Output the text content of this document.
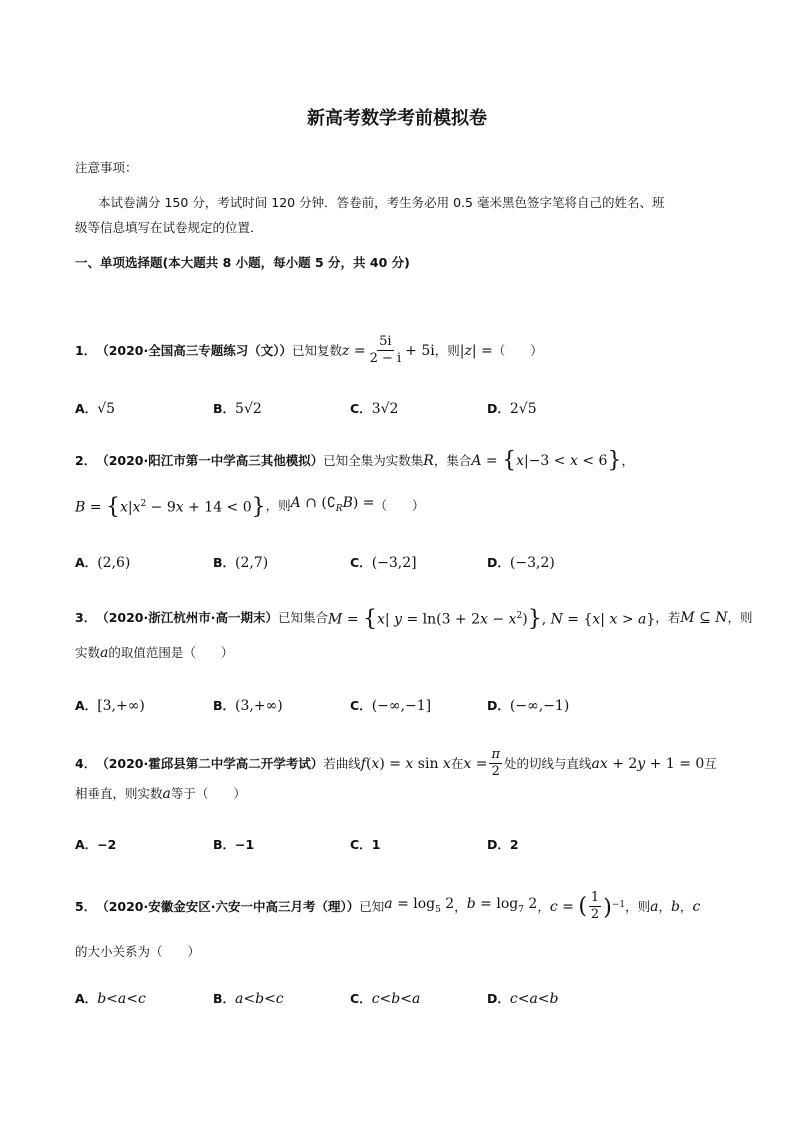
新高考数学考前模拟卷
注意事项：
本试卷满分 150 分，考试时间 120 分钟．答卷前，考生务必用 0.5 毫米黑色签字笔将自己的姓名、班
级等信息填写在试卷规定的位置．
一、单项选择题(本大题共 8 小题，每小题 5 分，共 40 分)
1． （2020·全国高三专题练习（文）） 已知复数 $z = \frac{5i}{2 - i} + 5i$ ，则 |z| = （　　）
A．√5	B．5√2	C．3√2	D．2√5
2． （2020·阳江市第一中学高三其他模拟） 已知全集为实数集 R ，集合 A = {x|−3 < x < 6} ，
$B = \{x|x^2 - 9x + 14 < 0\}$ ，则 A ∩ $(∁_RB)$ = （　　）
A．(2,6)	B．(2,7)	C．(−3,2]	D．(−3,2)
3． （2020·浙江杭州市·高一期末） 已知集合 M = {x| $y = \ln(3 + 2x - x^2)$}, N = {x| x > a} ，若 M ⊆ N ，则
实数 a 的取值范围是（　　）
A．[3,+∞)	B．(3,+∞)	C．(−∞,−1]	D．(−∞,−1)
4． （2020·霍邱县第二中学高二开学考试） 若曲线 f(x) = x sin x 在 $x = \frac{\pi}{2}$ 处的切线与直线 ax + 2y + 1 = 0 互
相垂直，则实数 a 等于（　　）
A．−2	B．−1	C．1	D．2
5． （2020·安徽金安区·六安一中高三月考（理）） 已知 $a = \log_5 2$ ， $b = \log_7 2$ ， c = ( $\frac{1}{2} )^{-1}$ ，则 a ， b ， c
的大小关系为（　　）
A．b<a<c	B．a<b<c	C．c<b<a	D．c<a<b
